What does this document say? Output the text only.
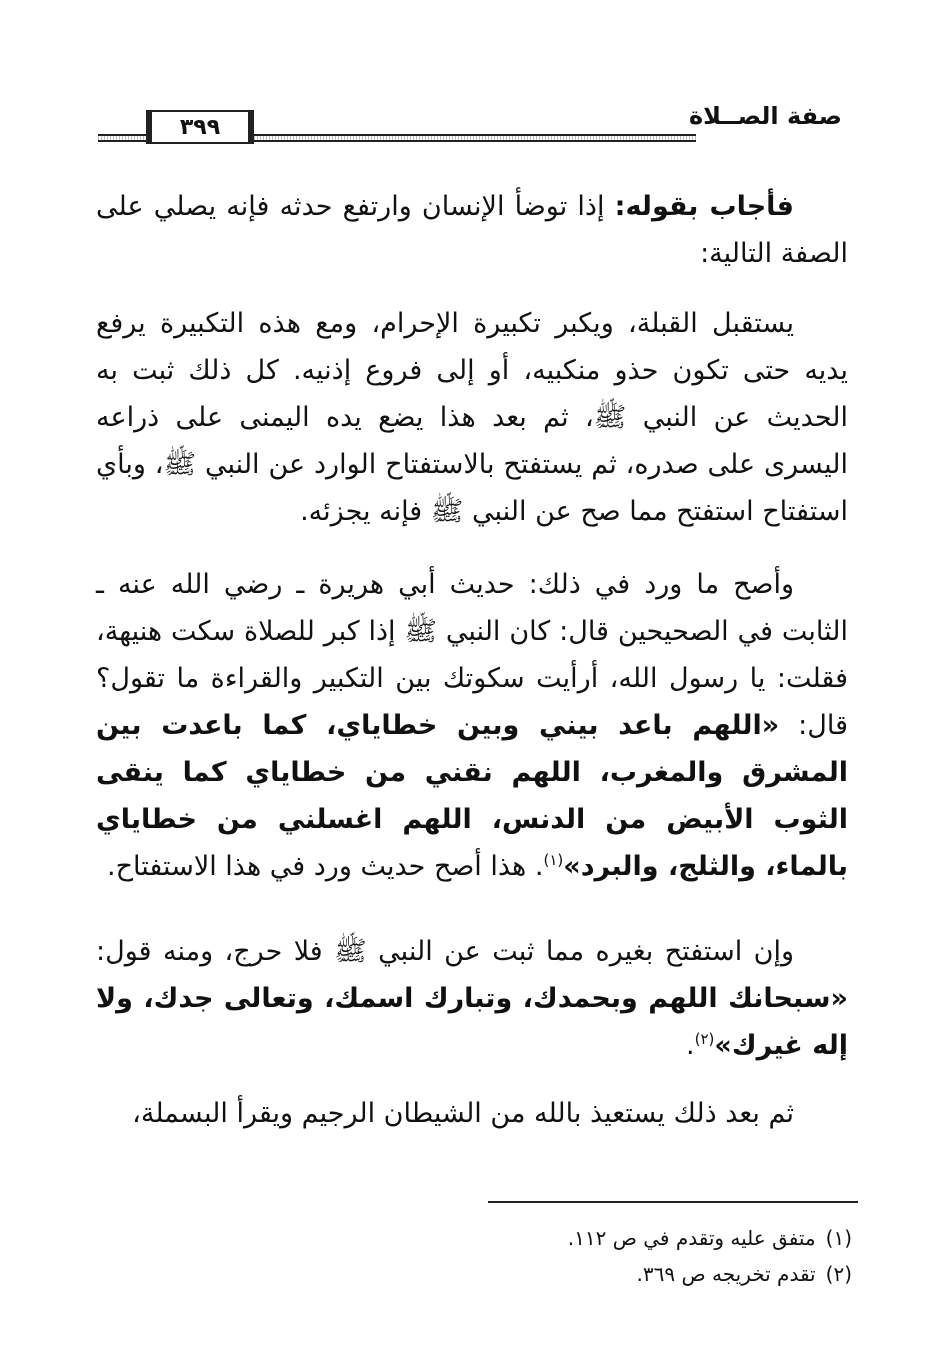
صفة الصــلاة
٣٩٩
فأجاب بقوله: إذا توضأ الإنسان وارتفع حدثه فإنه يصلي على الصفة التالية:
يستقبل القبلة، ويكبر تكبيرة الإحرام، ومع هذه التكبيرة يرفع يديه حتى تكون حذو منكبيه، أو إلى فروع إذنيه. كل ذلك ثبت به الحديث عن النبي ﷺ، ثم بعد هذا يضع يده اليمنى على ذراعه اليسرى على صدره، ثم يستفتح بالاستفتاح الوارد عن النبي ﷺ، وبأي استفتاح استفتح مما صح عن النبي ﷺ فإنه يجزئه.
وأصح ما ورد في ذلك: حديث أبي هريرة ـ رضي الله عنه ـ الثابت في الصحيحين قال: كان النبي ﷺ إذا كبر للصلاة سكت هنيهة، فقلت: يا رسول الله، أرأيت سكوتك بين التكبير والقراءة ما تقول؟ قال: «اللهم باعد بيني وبين خطاياي، كما باعدت بين المشرق والمغرب، اللهم نقني من خطاياي كما ينقى الثوب الأبيض من الدنس، اللهم اغسلني من خطاياي بالماء، والثلج، والبرد»$^{(١)}$. هذا أصح حديث ورد في هذا الاستفتاح.
وإن استفتح بغيره مما ثبت عن النبي ﷺ فلا حرج، ومنه قول: «سبحانك اللهم وبحمدك، وتبارك اسمك، وتعالى جدك، ولا إله غيرك»$^{(٢)}$.
ثم بعد ذلك يستعيذ بالله من الشيطان الرجيم ويقرأ البسملة،
(١)متفق عليه وتقدم في ص ١١٢.
(٢)تقدم تخريجه ص ٣٦٩.
